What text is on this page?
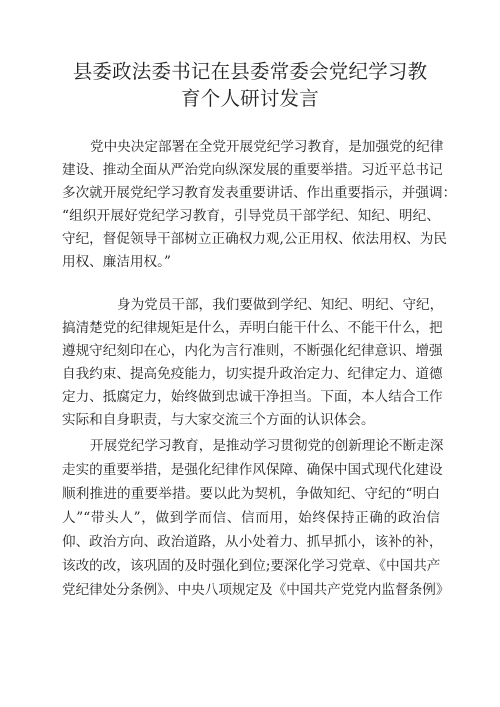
县委政法委书记在县委常委会党纪学习教
育个人研讨发言
党中央决定部署在全党开展党纪学习教育，是加强党的纪律
建设、推动全面从严治党向纵深发展的重要举措。习近平总书记
多次就开展党纪学习教育发表重要讲话、作出重要指示，并强调：
“组织开展好党纪学习教育，引导党员干部学纪、知纪、明纪、
守纪，督促领导干部树立正确权力观,公正用权、依法用权、为民
用权、廉洁用权。”
身为党员干部，我们要做到学纪、知纪、明纪、守纪，
搞清楚党的纪律规矩是什么，弄明白能干什么、不能干什么，把
遵规守纪刻印在心，内化为言行准则，不断强化纪律意识、增强
自我约束、提高免疫能力，切实提升政治定力、纪律定力、道德
定力、抵腐定力，始终做到忠诚干净担当。下面，本人结合工作
实际和自身职责，与大家交流三个方面的认识体会。
开展党纪学习教育，是推动学习贯彻党的创新理论不断走深
走实的重要举措，是强化纪律作风保障、确保中国式现代化建设
顺利推进的重要举措。要以此为契机，争做知纪、守纪的“明白
人”“带头人”，做到学而信、信而用，始终保持正确的政治信
仰、政治方向、政治道路，从小处着力、抓早抓小，该补的补，
该改的改，该巩固的及时强化到位;要深化学习党章、《中国共产
党纪律处分条例》、中央八项规定及《中国共产党党内监督条例》
